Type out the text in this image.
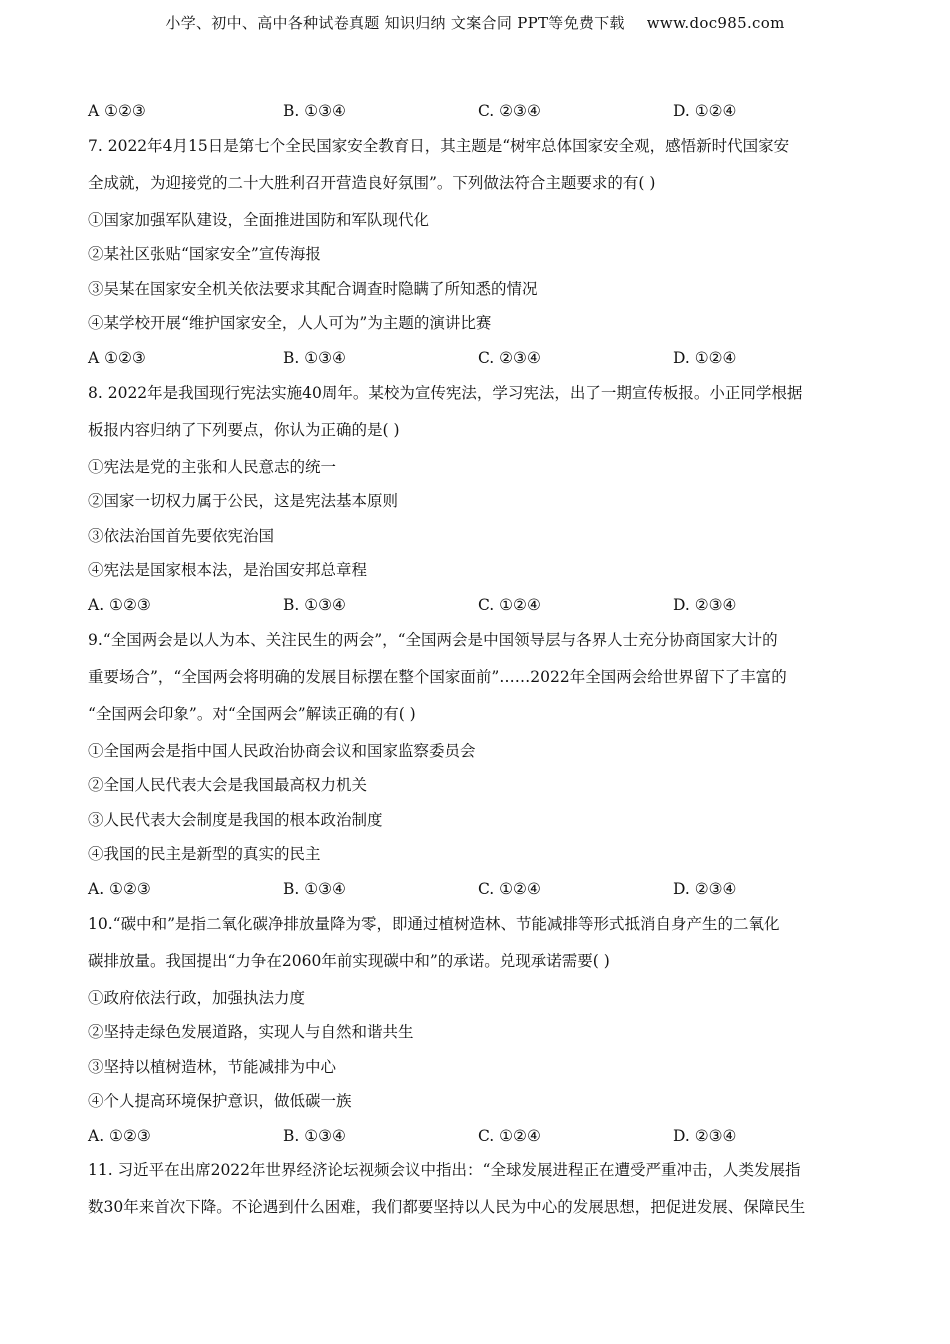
小学、初中、高中各种试卷真题 知识归纳 文案合同 PPT等免费下载 www.doc985.com
A ①②③	B. ①③④	C. ②③④	D. ①②④
7. 2022年4月15日是第七个全民国家安全教育日，其主题是“树牢总体国家安全观，感悟新时代国家安
全成就，为迎接党的二十大胜利召开营造良好氛围”。下列做法符合主题要求的有( )
①国家加强军队建设，全面推进国防和军队现代化
②某社区张贴“国家安全”宣传海报
③吴某在国家安全机关依法要求其配合调查时隐瞒了所知悉的情况
④某学校开展“维护国家安全，人人可为”为主题的演讲比赛
A ①②③	B. ①③④	C. ②③④	D. ①②④
8. 2022年是我国现行宪法实施40周年。某校为宣传宪法，学习宪法，出了一期宣传板报。小正同学根据
板报内容归纳了下列要点，你认为正确的是( )
①宪法是党的主张和人民意志的统一
②国家一切权力属于公民，这是宪法基本原则
③依法治国首先要依宪治国
④宪法是国家根本法，是治国安邦总章程
A. ①②③	B. ①③④	C. ①②④	D. ②③④
9.“全国两会是以人为本、关注民生的两会”，“全国两会是中国领导层与各界人士充分协商国家大计的
重要场合”，“全国两会将明确的发展目标摆在整个国家面前”……2022年全国两会给世界留下了丰富的
“全国两会印象”。对“全国两会”解读正确的有( )
①全国两会是指中国人民政治协商会议和国家监察委员会
②全国人民代表大会是我国最高权力机关
③人民代表大会制度是我国的根本政治制度
④我国的民主是新型的真实的民主
A. ①②③	B. ①③④	C. ①②④	D. ②③④
10.“碳中和”是指二氧化碳净排放量降为零，即通过植树造林、节能减排等形式抵消自身产生的二氧化
碳排放量。我国提出“力争在2060年前实现碳中和”的承诺。兑现承诺需要( )
①政府依法行政，加强执法力度
②坚持走绿色发展道路，实现人与自然和谐共生
③坚持以植树造林，节能减排为中心
④个人提高环境保护意识，做低碳一族
A. ①②③	B. ①③④	C. ①②④	D. ②③④
11. 习近平在出席2022年世界经济论坛视频会议中指出：“全球发展进程正在遭受严重冲击，人类发展指
数30年来首次下降。不论遇到什么困难，我们都要坚持以人民为中心的发展思想，把促进发展、保障民生
